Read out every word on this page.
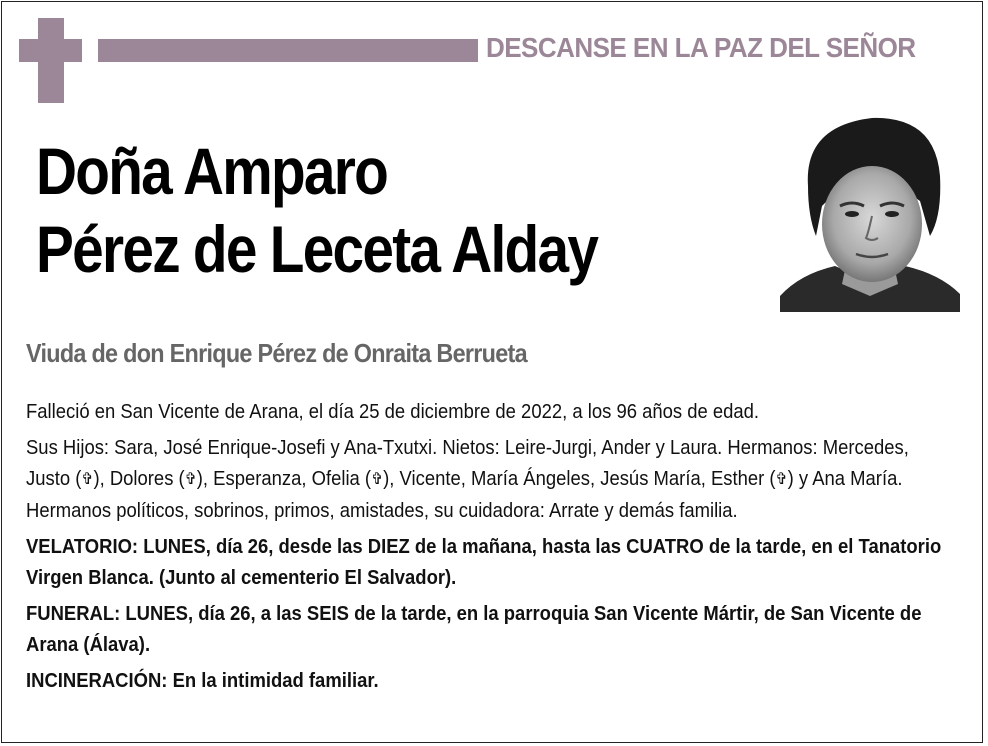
DESCANSE EN LA PAZ DEL SEÑOR
Doña Amparo
Pérez de Leceta Alday
Viuda de don Enrique Pérez de Onraita Berrueta

Falleció en San Vicente de Arana, el día 25 de diciembre de 2022, a los 96 años de edad.

Sus Hijos: Sara, José Enrique-Josefi y Ana-Txutxi. Nietos: Leire-Jurgi, Ander y Laura. Hermanos: Mercedes, Justo (✞), Dolores (✞), Esperanza, Ofelia (✞), Vicente, María Ángeles, Jesús María, Esther (✞) y Ana María. Hermanos políticos, sobrinos, primos, amistades, su cuidadora: Arrate y demás familia.

VELATORIO: LUNES, día 26, desde las DIEZ de la mañana, hasta las CUATRO de la tarde, en el Tanatorio Virgen Blanca. (Junto al cementerio El Salvador).

FUNERAL: LUNES, día 26, a las SEIS de la tarde, en la parroquia San Vicente Mártir, de San Vicente de Arana (Álava).

INCINERACIÓN: En la intimidad familiar.
